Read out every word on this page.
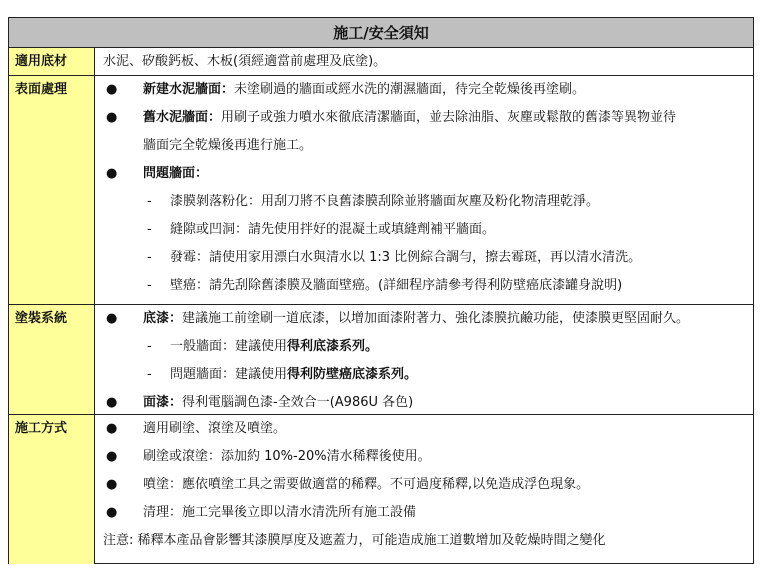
施工/安全須知
適用底材	水泥、矽酸鈣板、木板(須經適當前處理及底塗)。
表面處理	●	新建水泥牆面：未塗刷過的牆面或經水洗的潮濕牆面，待完全乾燥後再塗刷。
●	舊水泥牆面：用刷子或強力噴水來徹底清潔牆面，並去除油脂、灰塵或鬆散的舊漆等異物並待
牆面完全乾燥後再進行施工。
●	問題牆面：
-	漆膜剝落粉化：用刮刀將不良舊漆膜刮除並將牆面灰塵及粉化物清理乾淨。
-	縫隙或凹洞：請先使用拌好的混凝土或填縫劑補平牆面。
-	發霉：請使用家用漂白水與清水以 1:3 比例綜合調勻，擦去霉斑，再以清水清洗。
-	壁癌：請先刮除舊漆膜及牆面壁癌。(詳細程序請參考得利防壁癌底漆罐身說明)
塗裝系統	●	底漆：建議施工前塗刷一道底漆，以增加面漆附著力、強化漆膜抗鹼功能，使漆膜更堅固耐久。
-	一般牆面：建議使用得利底漆系列。
-	問題牆面：建議使用得利防壁癌底漆系列。
●	面漆：得利電腦調色漆-全效合一(A986U 各色)
施工方式	●	適用刷塗、滾塗及噴塗。
●	刷塗或滾塗：添加約 10%-20%清水稀釋後使用。
●	噴塗：應依噴塗工具之需要做適當的稀釋。不可過度稀釋,以免造成浮色現象。
●	清理：施工完畢後立即以清水清洗所有施工設備
注意: 稀釋本產品會影響其漆膜厚度及遮蓋力，可能造成施工道數增加及乾燥時間之變化
